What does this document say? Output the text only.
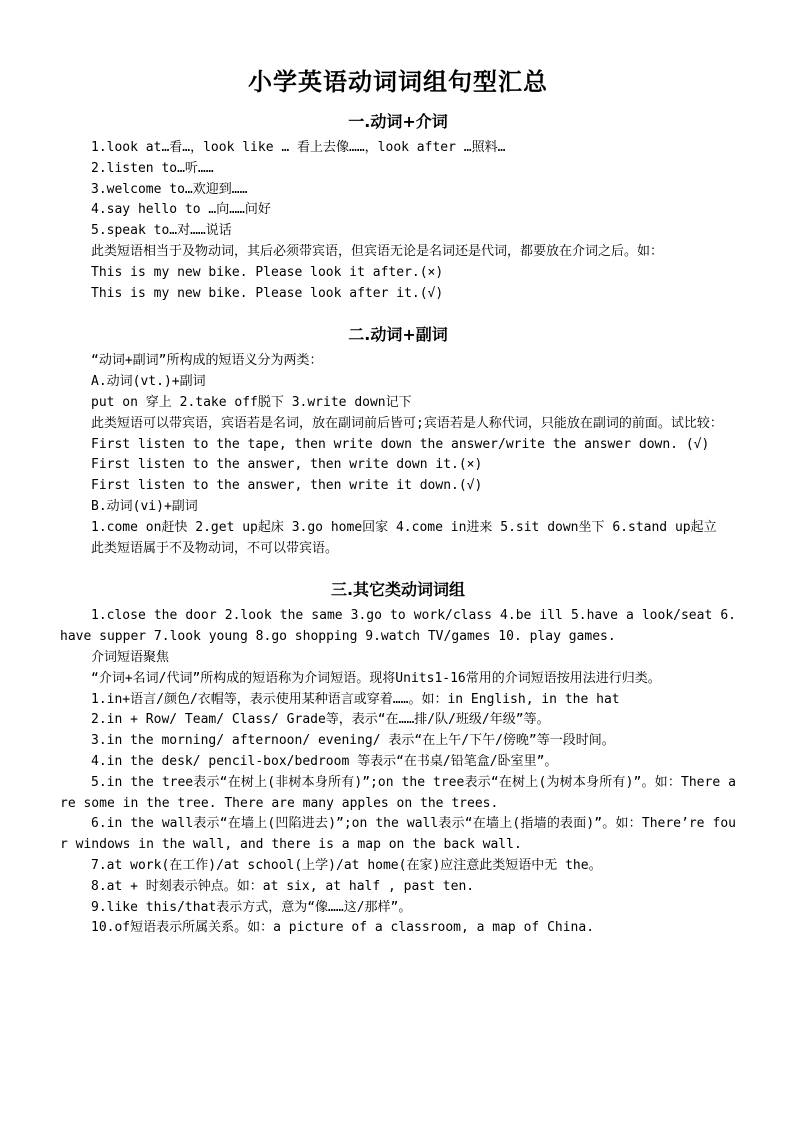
小学英语动词词组句型汇总
一.动词+介词
1.look at…看…，look like … 看上去像……，look after …照料…
2.listen to…听……
3.welcome to…欢迎到……
4.say hello to …向……问好
5.speak to…对……说话
此类短语相当于及物动词，其后必须带宾语，但宾语无论是名词还是代词，都要放在介词之后。如：
This is my new bike. Please look it after.(×)
This is my new bike. Please look after it.(√)
二.动词+副词
“动词+副词”所构成的短语义分为两类：
A.动词(vt.)+副词
put on 穿上 2.take off脱下 3.write down记下
此类短语可以带宾语，宾语若是名词，放在副词前后皆可;宾语若是人称代词，只能放在副词的前面。试比较：
First listen to the tape, then write down the answer/write the answer down. (√)
First listen to the answer, then write down it.(×)
First listen to the answer, then write it down.(√)
B.动词(vi)+副词
1.come on赶快 2.get up起床 3.go home回家 4.come in进来 5.sit down坐下 6.stand up起立
此类短语属于不及物动词，不可以带宾语。
三.其它类动词词组
1.close the door 2.look the same 3.go to work/class 4.be ill 5.have a look/seat 6.have supper 7.look young 8.go shopping 9.watch TV/games 10. play games.
介词短语聚焦
“介词+名词/代词”所构成的短语称为介词短语。现将Units1-16常用的介词短语按用法进行归类。
1.in+语言/颜色/衣帽等，表示使用某种语言或穿着……。如：in English, in the hat
2.in + Row/ Team/ Class/ Grade等，表示“在……排/队/班级/年级”等。
3.in the morning/ afternoon/ evening/ 表示“在上午/下午/傍晚”等一段时间。
4.in the desk/ pencil-box/bedroom 等表示“在书桌/铅笔盒/卧室里”。
5.in the tree表示“在树上(非树本身所有)”;on the tree表示“在树上(为树本身所有)”。如：There are some in the tree. There are many apples on the trees.
6.in the wall表示“在墙上(凹陷进去)”;on the wall表示“在墙上(指墙的表面)”。如：There’re four windows in the wall, and there is a map on the back wall.
7.at work(在工作)/at school(上学)/at home(在家)应注意此类短语中无 the。
8.at + 时刻表示钟点。如：at six, at half , past ten.
9.like this/that表示方式，意为“像……这/那样”。
10.of短语表示所属关系。如：a picture of a classroom, a map of China.
